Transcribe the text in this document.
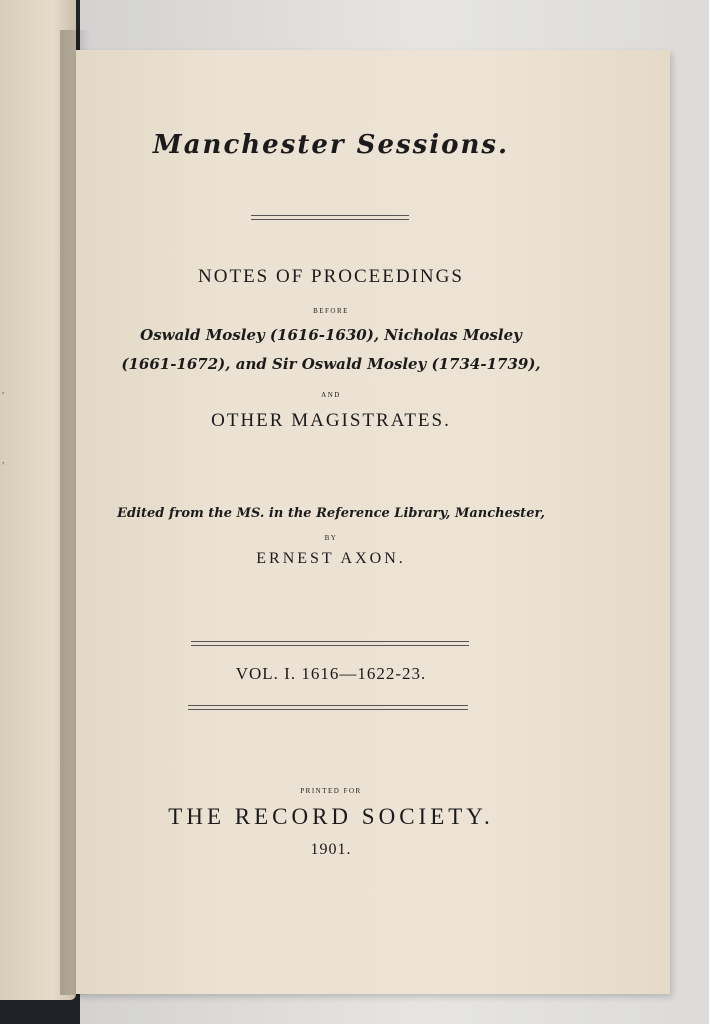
,
,
Manchester Sessions.
NOTES OF PROCEEDINGS
BEFORE
Oswald Mosley (1616-1630), Nicholas Mosley
(1661-1672), and Sir Oswald Mosley (1734-1739),
AND
OTHER MAGISTRATES.
Edited from the MS. in the Reference Library, Manchester,
BY
ERNEST AXON.
VOL. I. 1616—1622-23.
PRINTED FOR
THE RECORD SOCIETY.
1901.
